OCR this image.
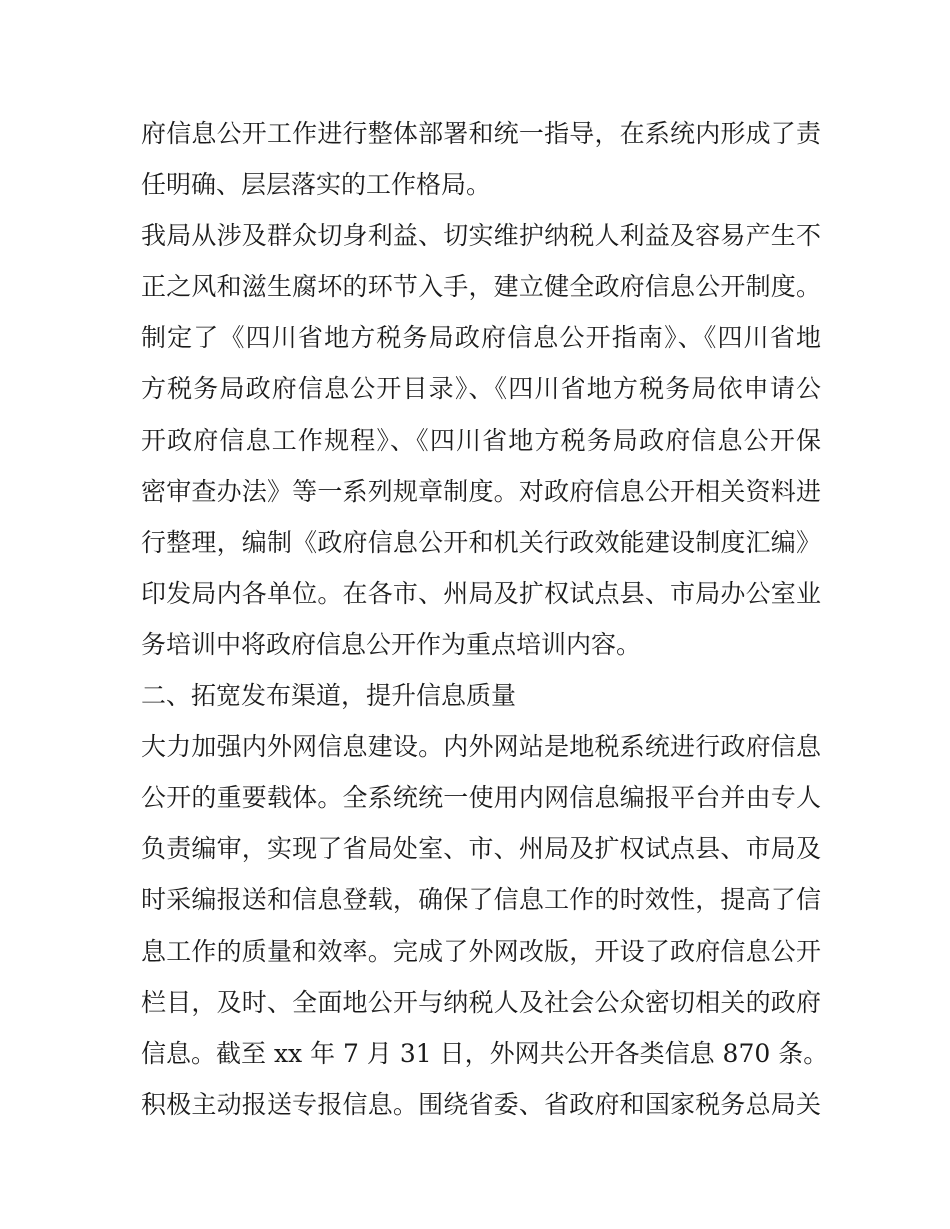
府信息公开工作进行整体部署和统一指导，在系统内形成了责
任明确、层层落实的工作格局。
我局从涉及群众切身利益、切实维护纳税人利益及容易产生不
正之风和滋生腐坏的环节入手，建立健全政府信息公开制度。
制定了《四川省地方税务局政府信息公开指南》、《四川省地
方税务局政府信息公开目录》、《四川省地方税务局依申请公
开政府信息工作规程》、《四川省地方税务局政府信息公开保
密审查办法》等一系列规章制度。对政府信息公开相关资料进
行整理，编制《政府信息公开和机关行政效能建设制度汇编》
印发局内各单位。在各市、州局及扩权试点县、市局办公室业
务培训中将政府信息公开作为重点培训内容。
二、拓宽发布渠道，提升信息质量
大力加强内外网信息建设。内外网站是地税系统进行政府信息
公开的重要载体。全系统统一使用内网信息编报平台并由专人
负责编审，实现了省局处室、市、州局及扩权试点县、市局及
时采编报送和信息登载，确保了信息工作的时效性，提高了信
息工作的质量和效率。完成了外网改版，开设了政府信息公开
栏目，及时、全面地公开与纳税人及社会公众密切相关的政府
信息。截至 xx 年 7 月 31 日，外网共公开各类信息 870 条。
积极主动报送专报信息。围绕省委、省政府和国家税务总局关
